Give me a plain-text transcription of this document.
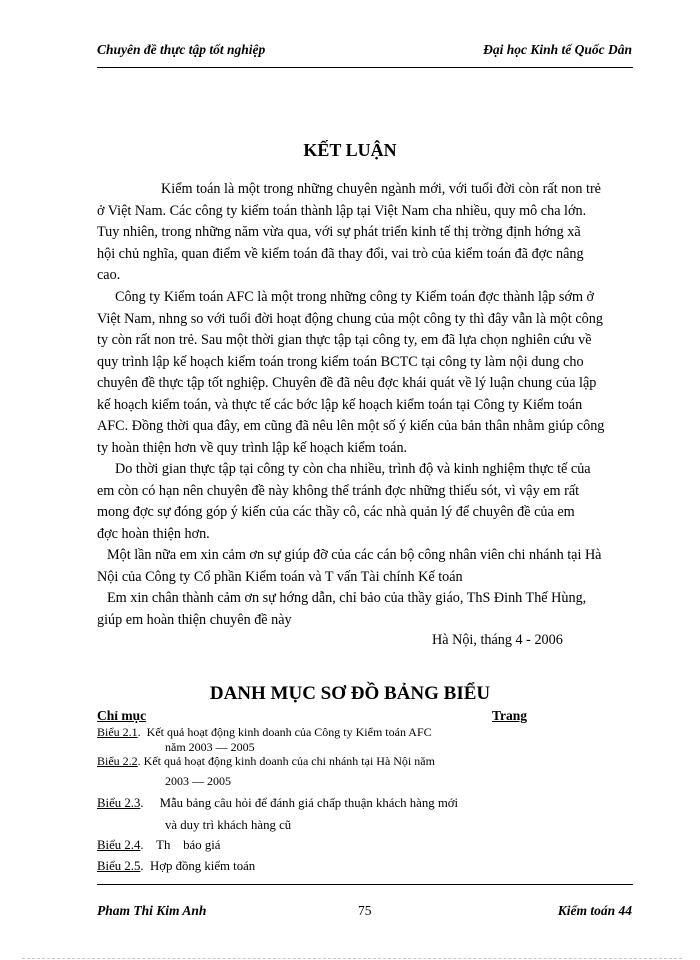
Chuyên đề thực tập tốt nghiệp	Đại học Kinh tế Quốc Dân
KẾT LUẬN
Kiểm toán là một trong những chuyên ngành mới, với tuổi đời còn rất non trẻ
ở Việt Nam. Các công ty kiểm toán thành lập tại Việt Nam cha nhiều, quy mô cha lớn.
Tuy nhiên, trong những năm vừa qua, với sự phát triển kinh tế thị trờng định hớng xã
hội chủ nghĩa, quan điểm về kiểm toán đã thay đổi, vai trò của kiểm toán đã đợc nâng
cao.
Công ty Kiểm toán AFC là một trong những công ty Kiểm toán đợc thành lập sớm ở
Việt Nam, nhng so với tuổi đời hoạt động chung của một công ty thì đây vẫn là một công
ty còn rất non trẻ. Sau một thời gian thực tập tại công ty, em đã lựa chọn nghiên cứu về
quy trình lập kế hoạch kiểm toán trong kiểm toán BCTC tại công ty làm nội dung cho
chuyên đề thực tập tốt nghiệp. Chuyên đề đã nêu đợc khái quát về lý luận chung của lập
kế hoạch kiểm toán, và thực tế các bớc lập kế hoạch kiểm toán tại Công ty Kiểm toán
AFC. Đồng thời qua đây, em cũng đã nêu lên một số ý kiến của bản thân nhằm giúp công
ty hoàn thiện hơn về quy trình lập kế hoạch kiểm toán.
Do thời gian thực tập tại công ty còn cha nhiều, trình độ và kinh nghiệm thực tế của
em còn có hạn nên chuyên đề này không thể tránh đợc những thiếu sót, vì vậy em rất
mong đợc sự đóng góp ý kiến của các thầy cô, các nhà quản lý để chuyên đề của em
đợc hoàn thiện hơn.
Một lần nữa em xin cảm ơn sự giúp đỡ của các cán bộ công nhân viên chi nhánh tại Hà
Nội của Công ty Cổ phần Kiểm toán và T vấn Tài chính Kế toán
Em xin chân thành cảm ơn sự hớng dẫn, chỉ bảo của thầy giáo, ThS Đinh Thế Hùng,
giúp em hoàn thiện chuyên đề này
Hà Nội, tháng 4 - 2006
DANH MỤC SƠ ĐỒ BẢNG BIỂU
Chỉ mục	Trang
Biểu 2.1.  Kết quả hoạt động kinh doanh của Công ty Kiểm toán AFC
năm 2003 — 2005
Biểu 2.2. Kết quả hoạt động kinh doanh của chi nhánh tại Hà Nội năm
2003 — 2005
Biểu 2.3.     Mẫu bảng câu hỏi để đánh giá chấp thuận khách hàng mới
và duy trì khách hàng cũ
Biểu 2.4.    Th    báo giá
Biểu 2.5.  Hợp đồng kiểm toán
Pham Thi Kim Anh	75	Kiểm toán 44
